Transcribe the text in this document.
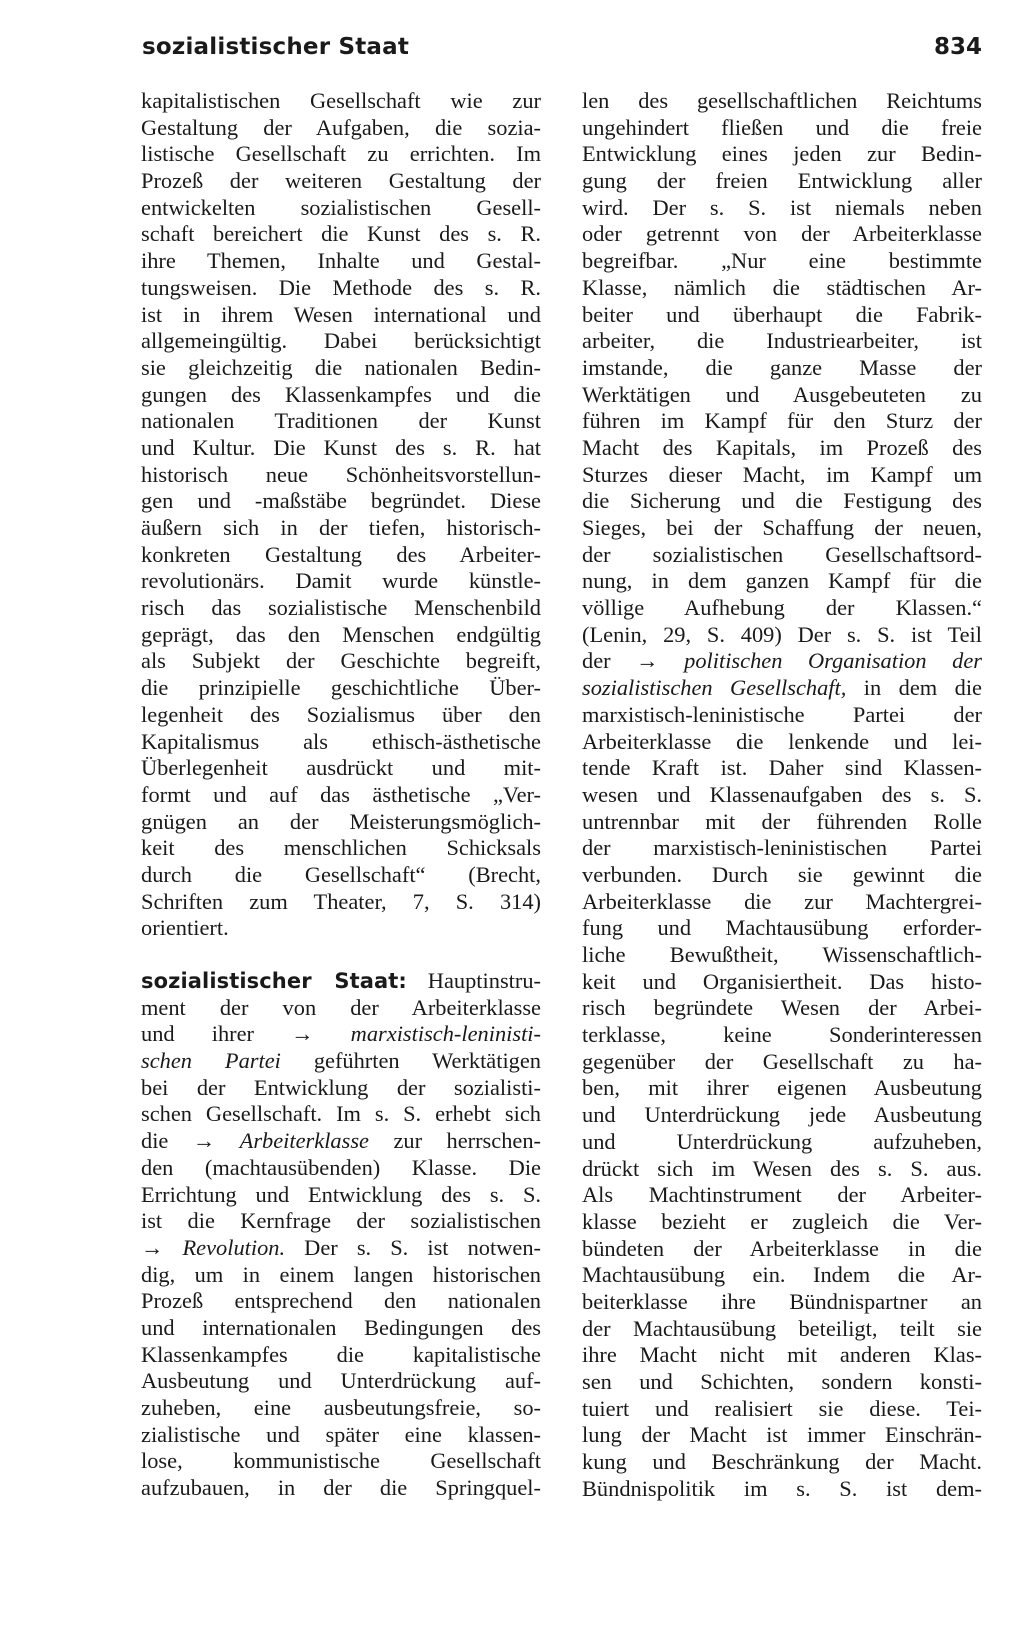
sozialistischer Staat	834
kapitalistischen Gesellschaft wie zur
Gestaltung der Aufgaben, die sozia-
listische Gesellschaft zu errichten. Im
Prozeß der weiteren Gestaltung der
entwickelten sozialistischen Gesell-
schaft bereichert die Kunst des s. R.
ihre Themen, Inhalte und Gestal-
tungsweisen. Die Methode des s. R.
ist in ihrem Wesen international und
allgemeingültig. Dabei berücksichtigt
sie gleichzeitig die nationalen Bedin-
gungen des Klassenkampfes und die
nationalen Traditionen der Kunst
und Kultur. Die Kunst des s. R. hat
historisch neue Schönheitsvorstellun-
gen und -maßstäbe begründet. Diese
äußern sich in der tiefen, historisch-
konkreten Gestaltung des Arbeiter-
revolutionärs. Damit wurde künstle-
risch das sozialistische Menschenbild
geprägt, das den Menschen endgültig
als Subjekt der Geschichte begreift,
die prinzipielle geschichtliche Über-
legenheit des Sozialismus über den
Kapitalismus als ethisch-ästhetische
Überlegenheit ausdrückt und mit-
formt und auf das ästhetische „Ver-
gnügen an der Meisterungsmöglich-
keit des menschlichen Schicksals
durch die Gesellschaft“ (Brecht,
Schriften zum Theater, 7, S. 314)
orientiert.
sozialistischer Staat: Hauptinstru-
ment der von der Arbeiterklasse
und ihrer → marxistisch-leninisti-
schen Partei geführten Werktätigen
bei der Entwicklung der sozialisti-
schen Gesellschaft. Im s. S. erhebt sich
die → Arbeiterklasse zur herrschen-
den (machtausübenden) Klasse. Die
Errichtung und Entwicklung des s. S.
ist die Kernfrage der sozialistischen
→ Revolution. Der s. S. ist notwen-
dig, um in einem langen historischen
Prozeß entsprechend den nationalen
und internationalen Bedingungen des
Klassenkampfes die kapitalistische
Ausbeutung und Unterdrückung auf-
zuheben, eine ausbeutungsfreie, so-
zialistische und später eine klassen-
lose, kommunistische Gesellschaft
aufzubauen, in der die Springquel-
len des gesellschaftlichen Reichtums
ungehindert fließen und die freie
Entwicklung eines jeden zur Bedin-
gung der freien Entwicklung aller
wird. Der s. S. ist niemals neben
oder getrennt von der Arbeiterklasse
begreifbar. „Nur eine bestimmte
Klasse, nämlich die städtischen Ar-
beiter und überhaupt die Fabrik-
arbeiter, die Industriearbeiter, ist
imstande, die ganze Masse der
Werktätigen und Ausgebeuteten zu
führen im Kampf für den Sturz der
Macht des Kapitals, im Prozeß des
Sturzes dieser Macht, im Kampf um
die Sicherung und die Festigung des
Sieges, bei der Schaffung der neuen,
der sozialistischen Gesellschaftsord-
nung, in dem ganzen Kampf für die
völlige Aufhebung der Klassen.“
(Lenin, 29, S. 409) Der s. S. ist Teil
der → politischen Organisation der
sozialistischen Gesellschaft, in dem die
marxistisch-leninistische Partei der
Arbeiterklasse die lenkende und lei-
tende Kraft ist. Daher sind Klassen-
wesen und Klassenaufgaben des s. S.
untrennbar mit der führenden Rolle
der marxistisch-leninistischen Partei
verbunden. Durch sie gewinnt die
Arbeiterklasse die zur Machtergrei-
fung und Machtausübung erforder-
liche Bewußtheit, Wissenschaftlich-
keit und Organisiertheit. Das histo-
risch begründete Wesen der Arbei-
terklasse, keine Sonderinteressen
gegenüber der Gesellschaft zu ha-
ben, mit ihrer eigenen Ausbeutung
und Unterdrückung jede Ausbeutung
und Unterdrückung aufzuheben,
drückt sich im Wesen des s. S. aus.
Als Machtinstrument der Arbeiter-
klasse bezieht er zugleich die Ver-
bündeten der Arbeiterklasse in die
Machtausübung ein. Indem die Ar-
beiterklasse ihre Bündnispartner an
der Machtausübung beteiligt, teilt sie
ihre Macht nicht mit anderen Klas-
sen und Schichten, sondern konsti-
tuiert und realisiert sie diese. Tei-
lung der Macht ist immer Einschrän-
kung und Beschränkung der Macht.
Bündnispolitik im s. S. ist dem-
